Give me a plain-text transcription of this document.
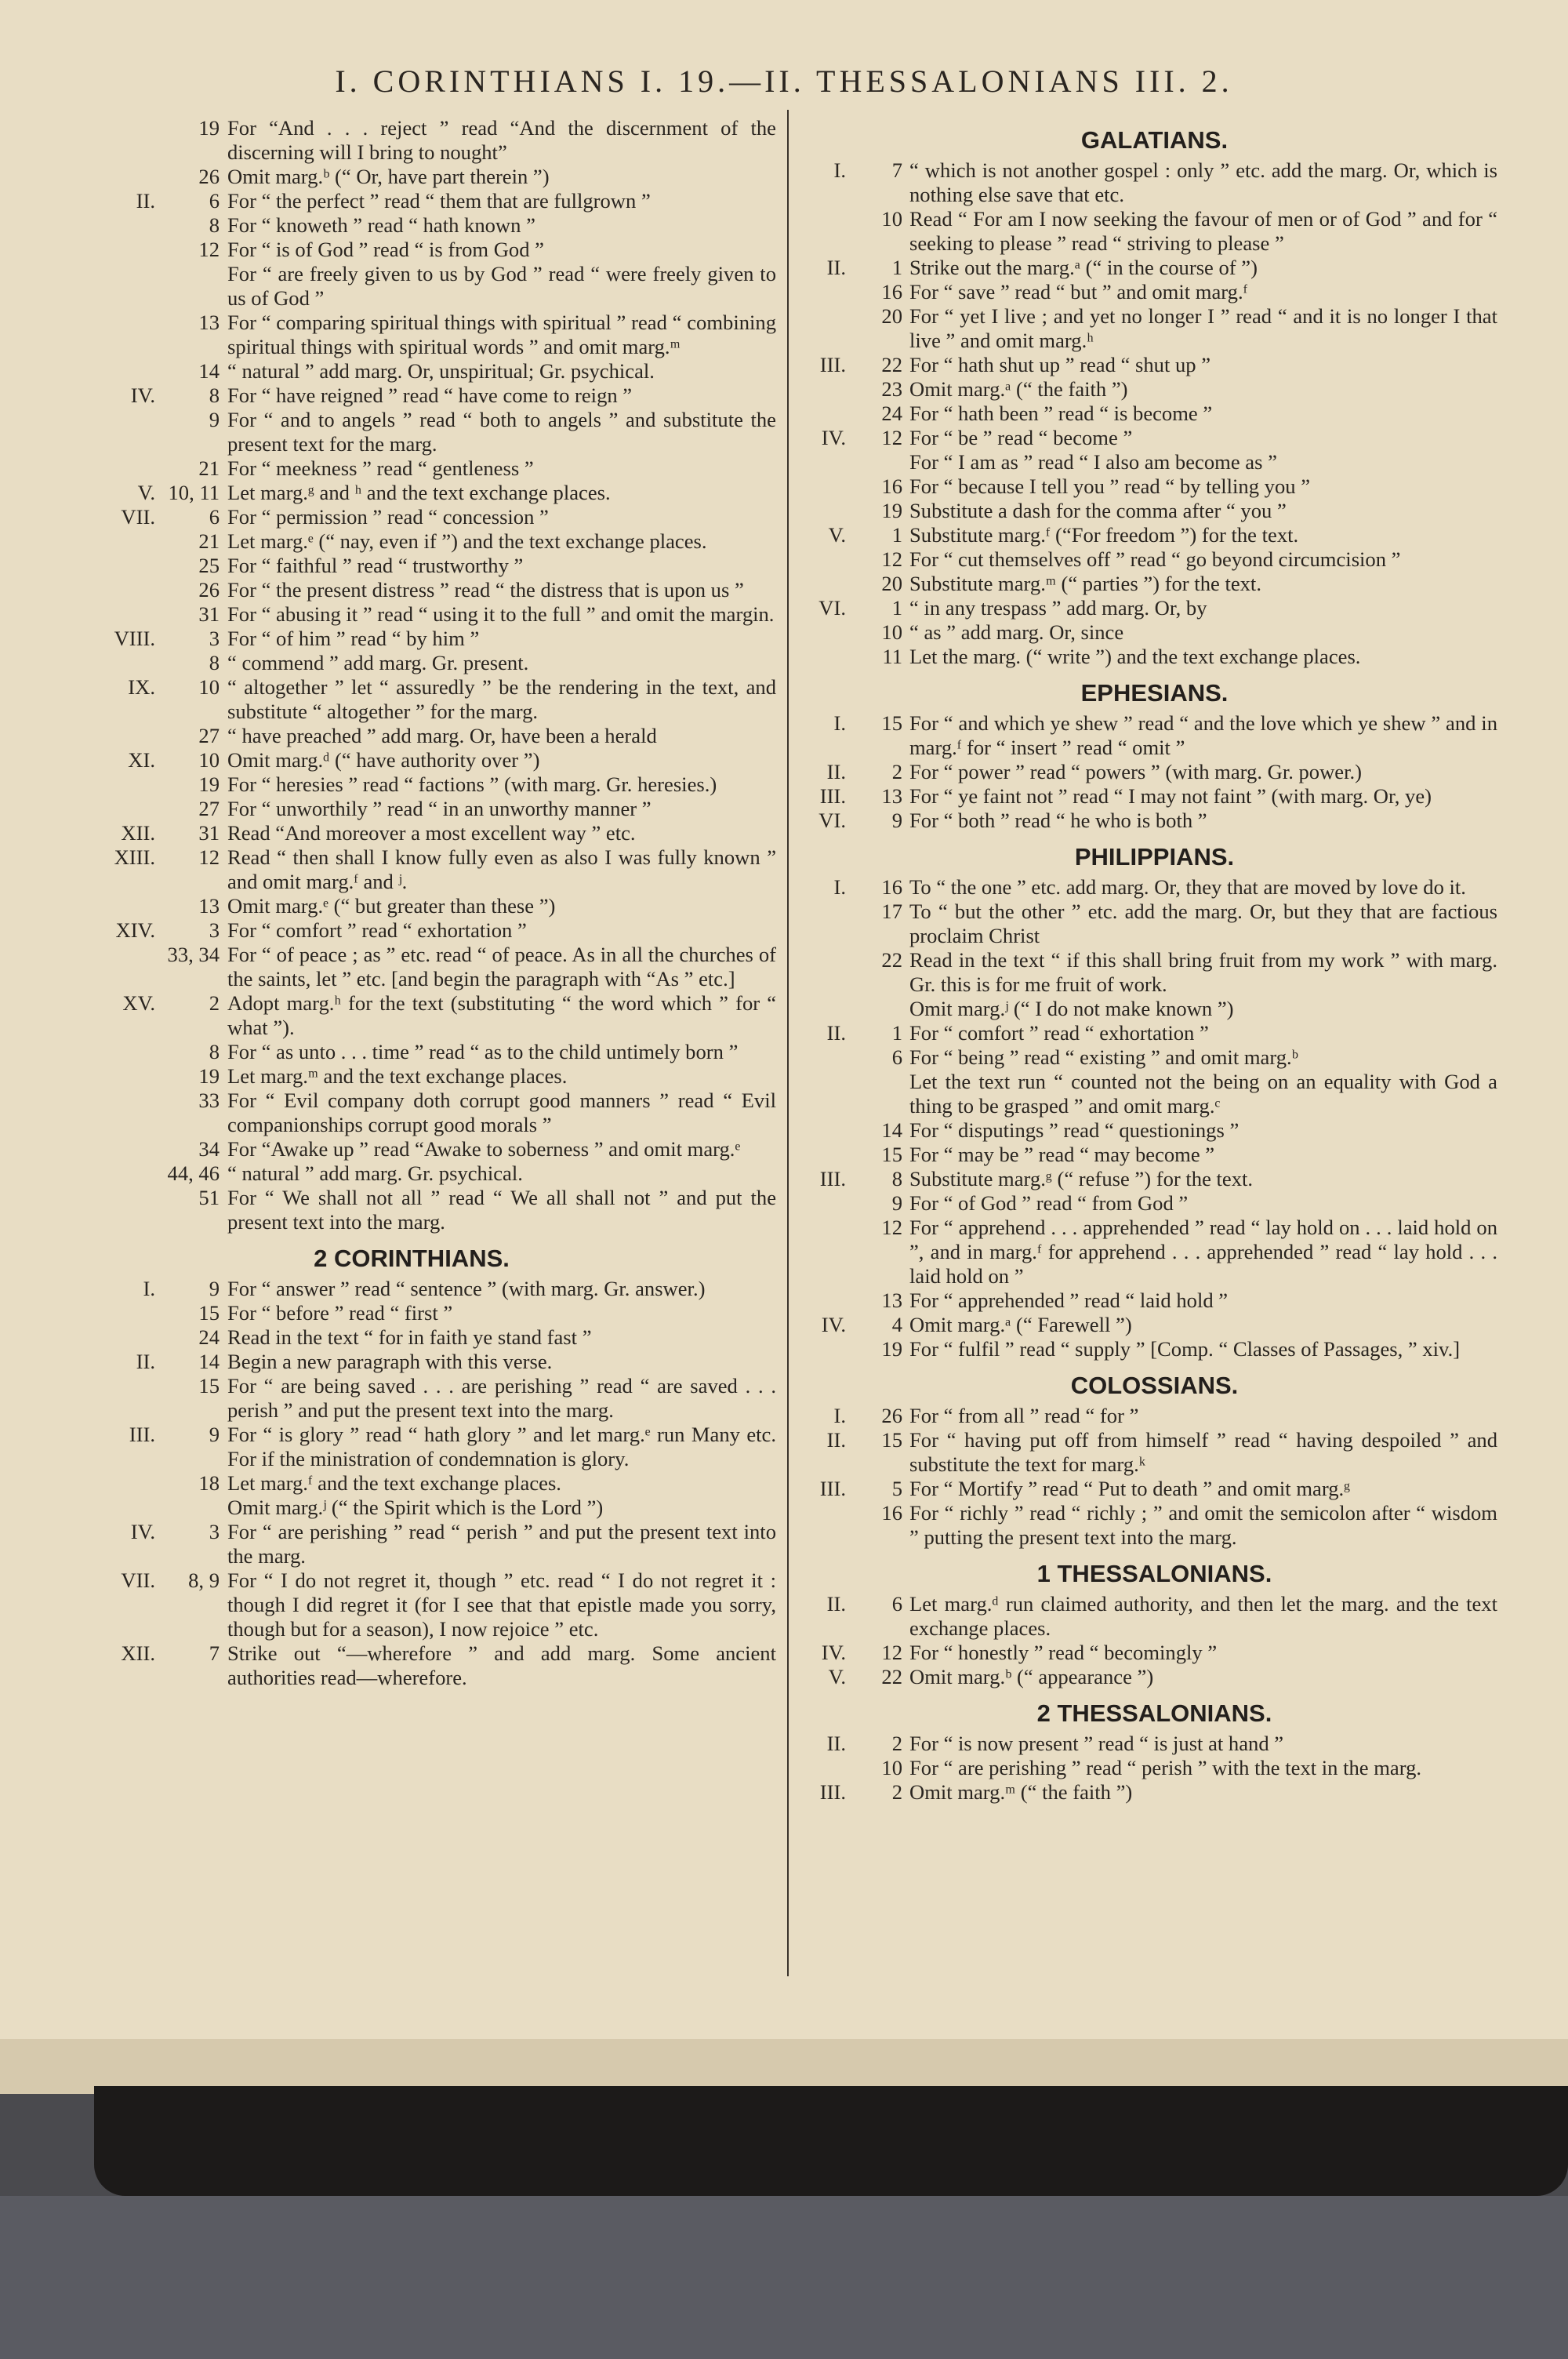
I. CORINTHIANS I. 19.—II. THESSALONIANS III. 2.
19 For “And . . . reject ” read “And the discernment of the discerning will I bring to nought”
26 Omit marg.ᵇ (“ Or, have part therein ”)
II.	6 For “ the perfect ” read “ them that are fullgrown ”
8 For “ knoweth ” read “ hath known ”
12 For “ is of God ” read “ is from God ”
For “ are freely given to us by God ” read “ were freely given to us of God ”
13 For “ comparing spiritual things with spiritual ” read “ combining spiritual things with spiritual words ” and omit marg.ᵐ
14 “ natural ” add marg. Or, unspiritual; Gr. psychical.
IV.	8 For “ have reigned ” read “ have come to reign ”
9 For “ and to angels ” read “ both to angels ” and substitute the present text for the marg.
21 For “ meekness ” read “ gentleness ”
V. 10, 11 Let marg.ᵍ and ʰ and the text exchange places.
VII.	6 For “ permission ” read “ concession ”
21 Let marg.ᵉ (“ nay, even if ”) and the text exchange places.
25 For “ faithful ” read “ trustworthy ”
26 For “ the present distress ” read “ the distress that is upon us ”
31 For “ abusing it ” read “ using it to the full ” and omit the margin.
VIII.	3 For “ of him ” read “ by him ”
8 “ commend ” add marg. Gr. present.
IX.	10 “ altogether ” let “ assuredly ” be the rendering in the text, and substitute “ altogether ” for the marg.
27 “ have preached ” add marg. Or, have been a herald
XI.	10 Omit marg.ᵈ (“ have authority over ”)
19 For “ heresies ” read “ factions ” (with marg. Gr. heresies.)
27 For “ unworthily ” read “ in an unworthy manner ”
XII.	31 Read “And moreover a most excellent way ” etc.
XIII.	12 Read “ then shall I know fully even as also I was fully known ” and omit marg.ᶠ and ʲ.
13 Omit marg.ᵉ (“ but greater than these ”)
XIV.	3 For “ comfort ” read “ exhortation ”
33, 34 For “ of peace ; as ” etc. read “ of peace. As in all the churches of the saints, let ” etc. [and begin the paragraph with “As ” etc.]
XV.	2 Adopt marg.ʰ for the text (substituting “ the word which ” for “ what ”).
8 For “ as unto . . . time ” read “ as to the child untimely born ”
19 Let marg.ᵐ and the text exchange places.
33 For “ Evil company doth corrupt good manners ” read “ Evil companionships corrupt good morals ”
34 For “Awake up ” read “Awake to soberness ” and omit marg.ᵉ
44, 46 “ natural ” add marg. Gr. psychical.
51 For “ We shall not all ” read “ We all shall not ” and put the present text into the marg.
2 CORINTHIANS.
I.	9 For “ answer ” read “ sentence ” (with marg. Gr. answer.)
15 For “ before ” read “ first ”
24 Read in the text “ for in faith ye stand fast ”
II.	14 Begin a new paragraph with this verse.
15 For “ are being saved . . . are perishing ” read “ are saved . . . perish ” and put the present text into the marg.
III.	9 For “ is glory ” read “ hath glory ” and let marg.ᵉ run Many etc. For if the ministration of condemnation is glory.
18 Let marg.ᶠ and the text exchange places.
Omit marg.ʲ (“ the Spirit which is the Lord ”)
IV.	3 For “ are perishing ” read “ perish ” and put the present text into the marg.
VII.	8, 9 For “ I do not regret it, though ” etc. read “ I do not regret it : though I did regret it (for I see that that epistle made you sorry, though but for a season), I now rejoice ” etc.
XII.	7 Strike out “—wherefore ” and add marg. Some ancient authorities read—wherefore.
GALATIANS.
I.	7 “ which is not another gospel : only ” etc. add the marg. Or, which is nothing else save that etc.
10 Read “ For am I now seeking the favour of men or of God ” and for “ seeking to please ” read “ striving to please ”
II.	1 Strike out the marg.ᵃ (“ in the course of ”)
16 For “ save ” read “ but ” and omit marg.ᶠ
20 For “ yet I live ; and yet no longer I ” read “ and it is no longer I that live ” and omit marg.ʰ
III.	22 For “ hath shut up ” read “ shut up ”
23 Omit marg.ᵃ (“ the faith ”)
24 For “ hath been ” read “ is become ”
IV.	12 For “ be ” read “ become ”
For “ I am as ” read “ I also am become as ”
16 For “ because I tell you ” read “ by telling you ”
19 Substitute a dash for the comma after “ you ”
V.	1 Substitute marg.ᶠ (“For freedom ”) for the text.
12 For “ cut themselves off ” read “ go beyond circumcision ”
20 Substitute marg.ᵐ (“ parties ”) for the text.
VI.	1 “ in any trespass ” add marg. Or, by
10 “ as ” add marg. Or, since
11 Let the marg. (“ write ”) and the text exchange places.
EPHESIANS.
I.	15 For “ and which ye shew ” read “ and the love which ye shew ” and in marg.ᶠ for “ insert ” read “ omit ”
II.	2 For “ power ” read “ powers ” (with marg. Gr. power.)
III.	13 For “ ye faint not ” read “ I may not faint ” (with marg. Or, ye)
VI.	9 For “ both ” read “ he who is both ”
PHILIPPIANS.
I.	16 To “ the one ” etc. add marg. Or, they that are moved by love do it.
17 To “ but the other ” etc. add the marg. Or, but they that are factious proclaim Christ
22 Read in the text “ if this shall bring fruit from my work ” with marg. Gr. this is for me fruit of work.
Omit marg.ʲ (“ I do not make known ”)
II.	1 For “ comfort ” read “ exhortation ”
6 For “ being ” read “ existing ” and omit marg.ᵇ
Let the text run “ counted not the being on an equality with God a thing to be grasped ” and omit marg.ᶜ
14 For “ disputings ” read “ questionings ”
15 For “ may be ” read “ may become ”
III.	8 Substitute marg.ᵍ (“ refuse ”) for the text.
9 For “ of God ” read “ from God ”
12 For “ apprehend . . . apprehended ” read “ lay hold on . . . laid hold on ”, and in marg.ᶠ for apprehend . . . apprehended ” read “ lay hold . . . laid hold on ”
13 For “ apprehended ” read “ laid hold ”
IV.	4 Omit marg.ᵃ (“ Farewell ”)
19 For “ fulfil ” read “ supply ” [Comp. “ Classes of Passages, ” xiv.]
COLOSSIANS.
I.	26 For “ from all ” read “ for ”
II.	15 For “ having put off from himself ” read “ having despoiled ” and substitute the text for marg.ᵏ
III.	5 For “ Mortify ” read “ Put to death ” and omit marg.ᵍ
16 For “ richly ” read “ richly ; ” and omit the semicolon after “ wisdom ” putting the present text into the marg.
1 THESSALONIANS.
II.	6 Let marg.ᵈ run claimed authority, and then let the marg. and the text exchange places.
IV.	12 For “ honestly ” read “ becomingly ”
V.	22 Omit marg.ᵇ (“ appearance ”)
2 THESSALONIANS.
II.	2 For “ is now present ” read “ is just at hand ”
10 For “ are perishing ” read “ perish ” with the text in the marg.
III.	2 Omit marg.ᵐ (“ the faith ”)
